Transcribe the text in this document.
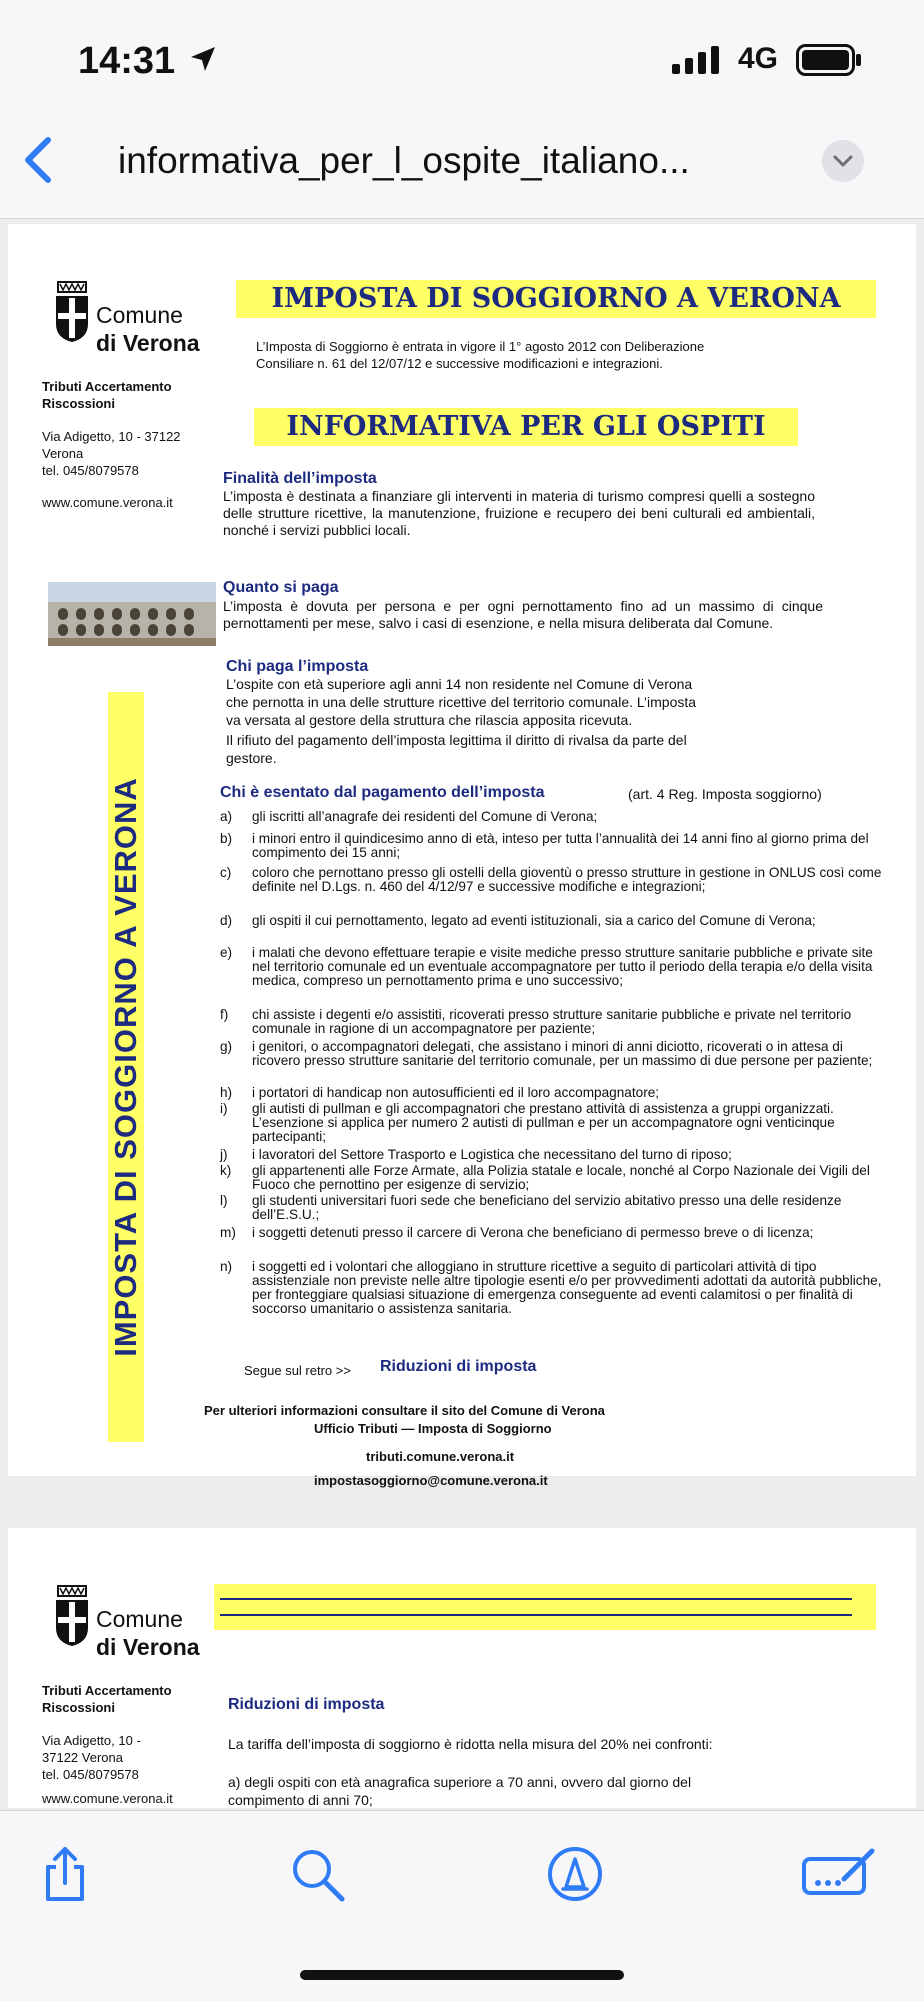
14:31	4G
informativa_per_l_ospite_italiano...
Comune
di Verona
Tributi Accertamento
Riscossioni
Via Adigetto, 10 - 37122
Verona
tel. 045/8079578
www.comune.verona.it
IMPOSTA DI SOGGIORNO A VERONA
L’Imposta di Soggiorno è entrata in vigore il 1° agosto 2012 con Deliberazione
Consiliare n. 61 del 12/07/12 e successive modificazioni e integrazioni.
INFORMATIVA PER GLI OSPITI
Finalità dell’imposta
L’imposta è destinata a finanziare gli interventi in materia di turismo compresi quelli a sostegno delle strutture ricettive, la manutenzione, fruizione e recupero dei beni culturali ed ambientali, nonché i servizi pubblici locali.
Quanto si paga
L’imposta è dovuta per persona e per ogni pernottamento fino ad un massimo di cinque pernottamenti per mese, salvo i casi di esenzione, e nella misura deliberata dal Comune.
Chi paga l’imposta
L’ospite con età superiore agli anni 14 non residente nel Comune di Verona
che pernotta in una delle strutture ricettive del territorio comunale. L’imposta
va versata al gestore della struttura che rilascia apposita ricevuta.
Il rifiuto del pagamento dell’imposta legittima il diritto di rivalsa da parte del
gestore.
Chi è esentato dal pagamento dell’imposta	(art. 4 Reg. Imposta soggiorno)
a) gli iscritti all’anagrafe dei residenti del Comune di Verona;
b) i minori entro il quindicesimo anno di età, inteso per tutta l’annualità dei 14 anni fino al giorno prima del compimento dei 15 anni;
c) coloro che pernottano presso gli ostelli della gioventù o presso strutture in gestione in ONLUS così come definite nel D.Lgs. n. 460 del 4/12/97 e successive modifiche e integrazioni;
d) gli ospiti il cui pernottamento, legato ad eventi istituzionali, sia a carico del Comune di Verona;
e) i malati che devono effettuare terapie e visite mediche presso strutture sanitarie pubbliche e private site nel territorio comunale ed un eventuale accompagnatore per tutto il periodo della terapia e/o della visita medica, compreso un pernottamento prima e uno successivo;
f) chi assiste i degenti e/o assistiti, ricoverati presso strutture sanitarie pubbliche e private nel territorio comunale in ragione di un accompagnatore per paziente;
g) i genitori, o accompagnatori delegati, che assistano i minori di anni diciotto, ricoverati o in attesa di ricovero presso strutture sanitarie del territorio comunale, per un massimo di due persone per paziente;
h) i portatori di handicap non autosufficienti ed il loro accompagnatore;
i) gli autisti di pullman e gli accompagnatori che prestano attività di assistenza a gruppi organizzati. L’esenzione si applica per numero 2 autisti di pullman e per un accompagnatore ogni venticinque partecipanti;
j) i lavoratori del Settore Trasporto e Logistica che necessitano del turno di riposo;
k) gli appartenenti alle Forze Armate, alla Polizia statale e locale, nonché al Corpo Nazionale dei Vigili del Fuoco che pernottino per esigenze di servizio;
l) gli studenti universitari fuori sede che beneficiano del servizio abitativo presso una delle residenze dell’E.S.U.;
m) i soggetti detenuti presso il carcere di Verona che beneficiano di permesso breve o di licenza;
n) i soggetti ed i volontari che alloggiano in strutture ricettive a seguito di particolari attività di tipo assistenziale non previste nelle altre tipologie esenti e/o per provvedimenti adottati da autorità pubbliche, per fronteggiare qualsiasi situazione di emergenza conseguente ad eventi calamitosi o per finalità di soccorso umanitario o assistenza sanitaria.
Segue sul retro >> Riduzioni di imposta
Per ulteriori informazioni consultare il sito del Comune di Verona
Ufficio Tributi — Imposta di Soggiorno
tributi.comune.verona.it
impostasoggiorno@comune.verona.it
IMPOSTA DI SOGGIORNO A VERONA
Comune
di Verona
Tributi Accertamento
Riscossioni
Via Adigetto, 10 -
37122 Verona
tel. 045/8079578
www.comune.verona.it
Riduzioni di imposta
La tariffa dell’imposta di soggiorno è ridotta nella misura del 20% nei confronti:
a) degli ospiti con età anagrafica superiore a 70 anni, ovvero dal giorno del
compimento di anni 70;
